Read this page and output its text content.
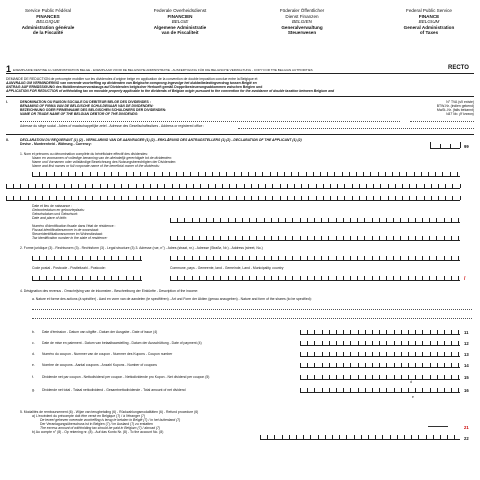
Service Public Fédéral
FINANCES
BELGIQUE
Administration générale
de la Fiscalité
Federale Overheidsdienst
FINANCIEN
BELGIE
Algemene Administratie
van de Fiscaliteit
Föderaler Öffentlicher
Dienst Finanzen
BELGIEN
Generalverwaltung
Steuerwesen
Federal Public Service
FINANCE
BELGIUM
General Administration
of Taxes
1 EXEMPLAIRE DESTINE A L'ADMINISTRATION BELGE - EXEMPLAAR VOOR DE BELGISCHE ADMINISTRATIE - AUSFERTIGUNG FÜR DIE BELGISCHE VERWALTUNG - COPY FOR THE BELGIAN AUTHORITIES	RECTO
DEMANDE DE REDUCTION de précompte mobilier sur les dividendes d'origine belge en application de la convention de double imposition conclue entre la Belgique et
AANVRAAG OM VERMINDERING van roerende voorheffing op dividenden van Belgische oorsprong ingevolge het dubbelbelastingverdrag tussen België en
ANTRAG AUF ERMÄSSIGUNG des Mobiliensteuervorabzugs auf Dividenden belgischer Herkunft gemäß Doppelbesteuerungsabkommen zwischen Belgien und
APPLICATION FOR REDUCTION of withholding tax on movable property applicable to the dividends of Belgian origin pursuant to the convention for the avoidance of double taxation between Belgium and
I.	DENOMINATION OU RAISON SOCIALE DU DEBITEUR BELGE DES DIVIDENDES :
BENAMING OF FIRMA VAN DE BELGISCHE SCHULDENAAR VAN DE DIVIDENDEN:
BEZEICHNUNG ODER FIRMENNAME DES BELGISCHEN SCHULDNERS DER DIVIDENDEN:
NAME OR TRADE NAME OF THE BELGIAN DEBTOR OF THE DIVIDENDS:
N° TVA (s'il existe)
BTW-Nr. (indien gekend)
MwSt.-Nr. (falls bekannt)
VAT No. (if known)
Adresse du siège social - Adres of maatschappelijke zetel - Adresse des Gesellschaftssitzes - Address or registered office :
II.	DECLARATION DU REQUERANT (1) (2) - VERKLARING VAN DE AANVRAGER (1) (2) - ERKLÄRUNG DES ANTRAGSTELLERS (1) (2) - DECLARATION OF THE APPLICANT (1) (2)
Devise - Munteenheid - Währung - Currency:	99
1. Nom et prénoms ou dénomination complète du bénéficiaire effectif des dividendes:
Naam en voornamen of volledige benaming van de uiteindelijk gerechtigde tot de dividenden:
Name und Vornamen oder vollständige Bezeichnung des Nutzungsberechtigten der Dividenden:
Name and first names or full corporate name of the beneficial owner of the dividends:
Date et lieu de naissance :
Geboortedatum en geboorteplaats:
Geburtsdatum und Geburtsort:
Date and place of birth:
Numéro d'identification fiscale dans l'état de résidence :
Fiscaal identificatienummer in de woonstaat:
Steueridentifikationsnummer im Wohnsitzstaat:
Tax identification number in the state of residence:
2. Forme juridique (3) - Rechtsvorm (3) - Rechtsform (3) - Legal structure (3) 3. Adresse (rue, n°) - Adres (straat, nr.) - Adresse (Straße, Nr.) - Address (street, No.)
Code postal - Postcode - Postleitzahl - Postcode:	Commune, pays - Gemeente, land - Gemeinde, Land - Municipality, country
/
4. Désignation des revenus - Omschrijving van de inkomsten - Beschreibung der Einkünfte - Description of the income:
a. Nature et forme des actions (à spécifier) - Aard en vorm van de aandelen (te specifiëren) - Art und Form der Aktien (genau anzugeben) - Nature and form of the shares (to be specified):
b. Date d'émission - Datum van uitgifte - Datum der Ausgabe - Date of issue (4)	11
c. Date de mise en paiement - Datum van betaalbaarstelling - Datum der Ausschüttung - Date of payment (4)	12
d. Numéro du coupon - Nummer van de coupon - Nummer des Kupons - Coupon number	13
e. Nombre de coupons - Aantal coupons - Anzahl Kupons - Number of coupons	14
f. Dividende net par coupon - Nettodividend per coupon - Nettodividende pro Kupon - Net dividend per coupon (5)	15
g. Dividende net total - Totaal nettodividend - Gesamtnettodividende - Total amount of net dividend	16
5. Modalités de remboursement (6) - Wijze van terugbetaling (6) - Rückzahlungsmodalitäten (6) - Refund procedure (6)
a) L'excédent du précompte doit être versé en Belgique (7) / à l'étranger (7)
De teveel geheven roerende voorheffing is terug te betalen in België (7) / in het buitenland (7)
Der Veranlagungsüberschuss ist in Belgien (7) / im Ausland (7) zu erstatten
The excess amount of withholding tax should be paid in Belgium (7) / abroad (7)
b) Au compte n° (8) - Op rekening nr. (8) - Auf das Konto Nr. (8) - To the account No. (8)
21
22
d
e
